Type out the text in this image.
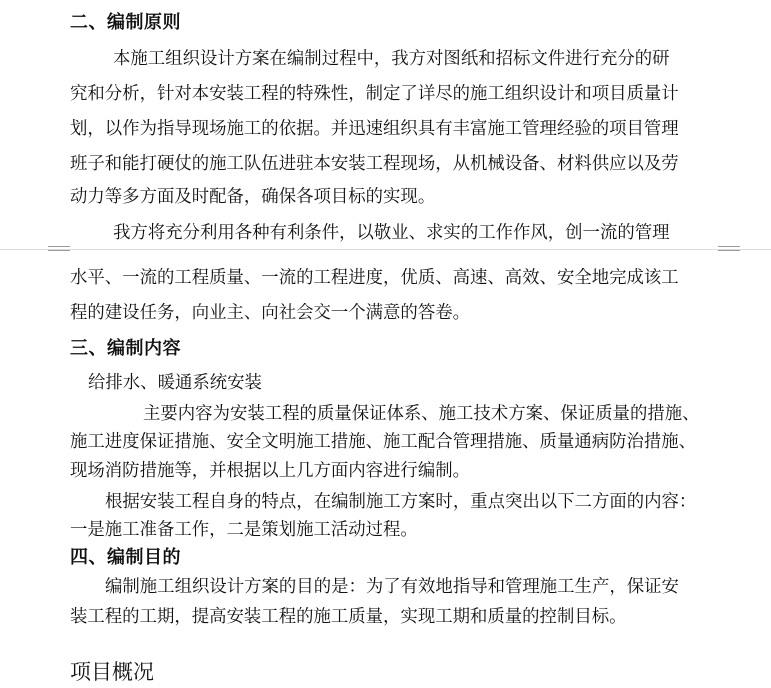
二、编制原则
本施工组织设计方案在编制过程中，我方对图纸和招标文件进行充分的研
究和分析，针对本安装工程的特殊性，制定了详尽的施工组织设计和项目质量计
划，以作为指导现场施工的依据。并迅速组织具有丰富施工管理经验的项目管理
班子和能打硬仗的施工队伍进驻本安装工程现场，从机械设备、材料供应以及劳
动力等多方面及时配备，确保各项目标的实现。
我方将充分利用各种有利条件，以敬业、求实的工作作风，创一流的管理
水平、一流的工程质量、一流的工程进度，优质、高速、高效、安全地完成该工
程的建设任务，向业主、向社会交一个满意的答卷。
三、编制内容
给排水、暖通系统安装
主要内容为安装工程的质量保证体系、施工技术方案、保证质量的措施、
施工进度保证措施、安全文明施工措施、施工配合管理措施、质量通病防治措施、
现场消防措施等，并根据以上几方面内容进行编制。
根据安装工程自身的特点，在编制施工方案时，重点突出以下二方面的内容：
一是施工准备工作，二是策划施工活动过程。
四、编制目的
编制施工组织设计方案的目的是：为了有效地指导和管理施工生产，保证安
装工程的工期，提高安装工程的施工质量，实现工期和质量的控制目标。
项目概况
